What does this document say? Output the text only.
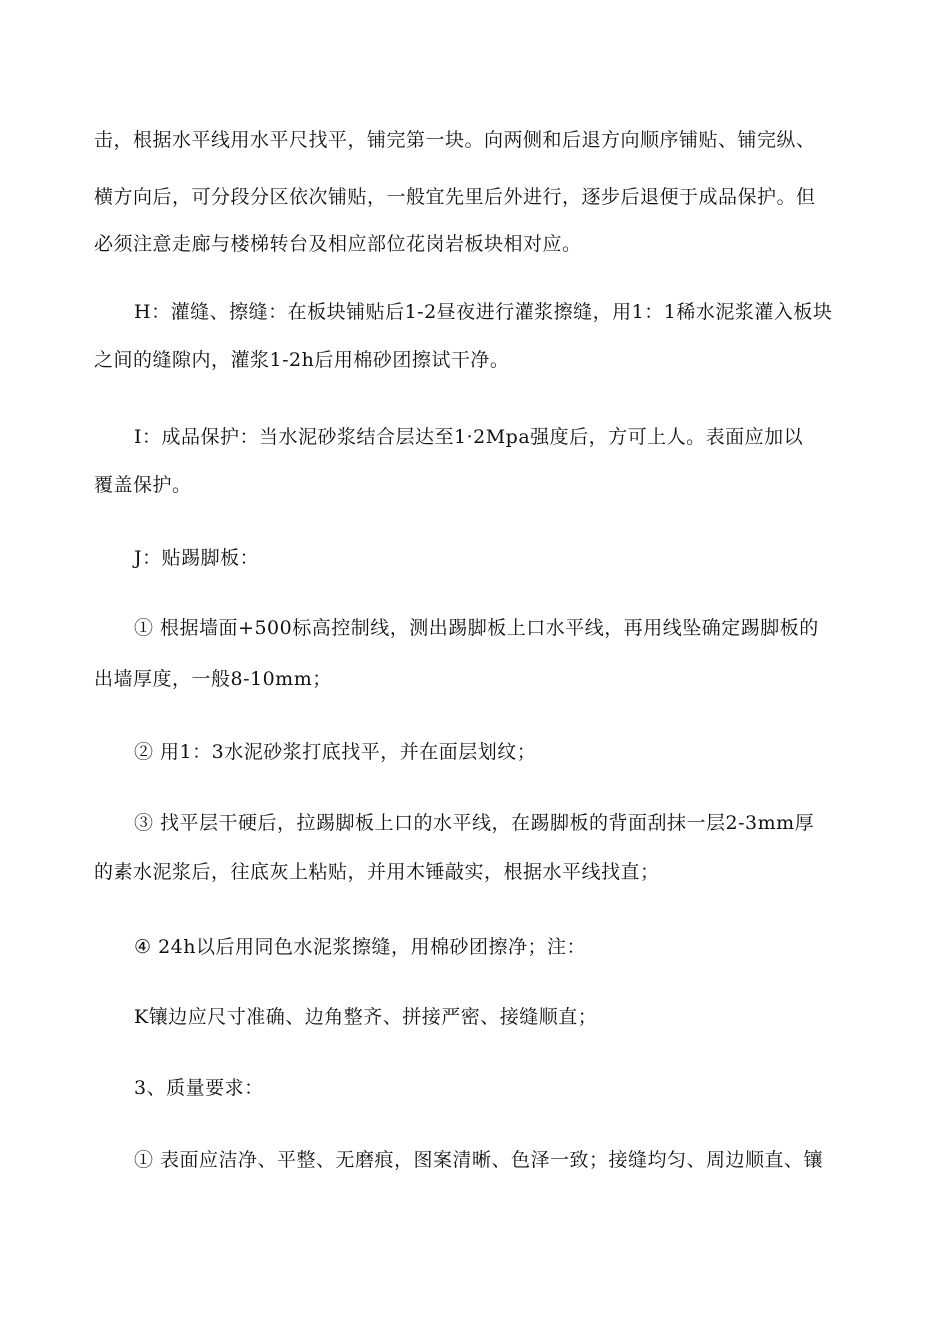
击，根据水平线用水平尺找平，铺完第一块。向两侧和后退方向顺序铺贴、铺完纵、
横方向后，可分段分区依次铺贴，一般宜先里后外进行，逐步后退便于成品保护。但
必须注意走廊与楼梯转台及相应部位花岗岩板块相对应。
H：灌缝、擦缝：在板块铺贴后1-2昼夜进行灌浆擦缝，用1：1稀水泥浆灌入板块
之间的缝隙内，灌浆1-2h后用棉砂团擦试干净。
I：成品保护：当水泥砂浆结合层达至1·2Mpa强度后，方可上人。表面应加以
覆盖保护。
J：贴踢脚板：
① 根据墙面+500标高控制线，测出踢脚板上口水平线，再用线坠确定踢脚板的
出墙厚度，一般8-10mm；
② 用1：3水泥砂浆打底找平，并在面层划纹；
③ 找平层干硬后，拉踢脚板上口的水平线，在踢脚板的背面刮抹一层2-3mm厚
的素水泥浆后，往底灰上粘贴，并用木锤敲实，根据水平线找直；
④ 24h以后用同色水泥浆擦缝，用棉砂团擦净；注：
K镶边应尺寸准确、边角整齐、拼接严密、接缝顺直；
3、质量要求：
① 表面应洁净、平整、无磨痕，图案清晰、色泽一致；接缝均匀、周边顺直、镶
